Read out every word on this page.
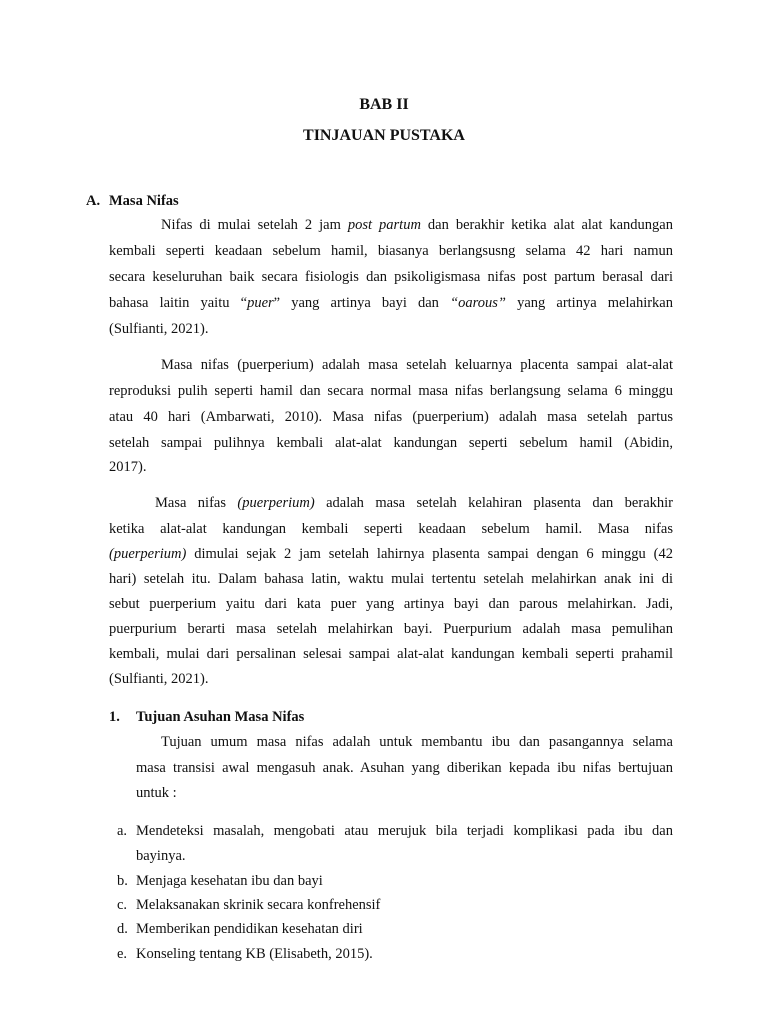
BAB II
TINJAUAN PUSTAKA
A. Masa Nifas
Nifas di mulai setelah 2 jam post partum dan berakhir ketika alat alat kandungan
kembali seperti keadaan sebelum hamil, biasanya berlangsusng selama 42 hari namun
secara keseluruhan baik secara fisiologis dan psikoligismasa nifas post partum berasal dari
bahasa laitin yaitu “puer” yang artinya bayi dan “oarous” yang artinya melahirkan
(Sulfianti, 2021).
Masa nifas (puerperium) adalah masa setelah keluarnya placenta sampai alat-alat
reproduksi pulih seperti hamil dan secara normal masa nifas berlangsung selama 6 minggu
atau 40 hari (Ambarwati, 2010). Masa nifas (puerperium) adalah masa setelah partus
setelah sampai pulihnya kembali alat-alat kandungan seperti sebelum hamil (Abidin,
2017).
Masa nifas (puerperium) adalah masa setelah kelahiran plasenta dan berakhir
ketika alat-alat kandungan kembali seperti keadaan sebelum hamil. Masa nifas
(puerperium) dimulai sejak 2 jam setelah lahirnya plasenta sampai dengan 6 minggu (42
hari) setelah itu. Dalam bahasa latin, waktu mulai tertentu setelah melahirkan anak ini di
sebut puerperium yaitu dari kata puer yang artinya bayi dan parous melahirkan. Jadi,
puerpurium berarti masa setelah melahirkan bayi. Puerpurium adalah masa pemulihan
kembali, mulai dari persalinan selesai sampai alat-alat kandungan kembali seperti prahamil
(Sulfianti, 2021).
1. Tujuan Asuhan Masa Nifas
Tujuan umum masa nifas adalah untuk membantu ibu dan pasangannya selama
masa transisi awal mengasuh anak. Asuhan yang diberikan kepada ibu nifas bertujuan
untuk :
a. Mendeteksi masalah, mengobati atau merujuk bila terjadi komplikasi pada ibu dan
bayinya.
b. Menjaga kesehatan ibu dan bayi
c. Melaksanakan skrinik secara konfrehensif
d. Memberikan pendidikan kesehatan diri
e. Konseling tentang KB (Elisabeth, 2015).
